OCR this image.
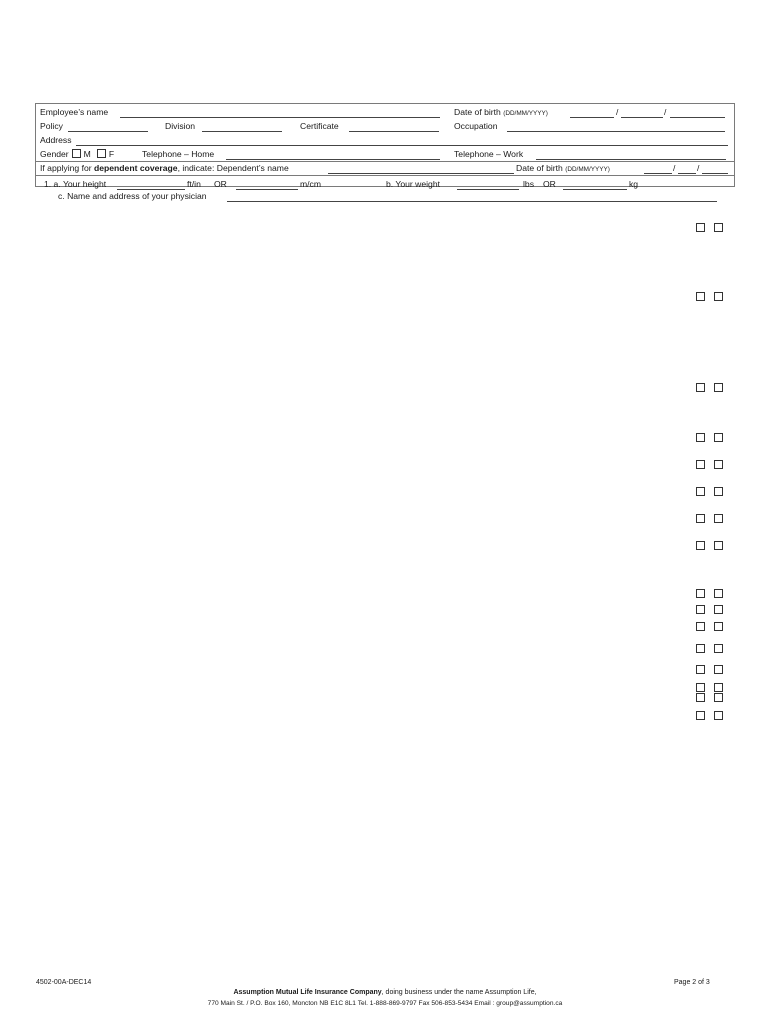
Employee’s name	Date of birth (DD/MM/YYYY)	/	/
Policy	Division	Certificate	Occupation
Address
Gender M F	Telephone – Home	Telephone – Work
If applying for dependent coverage, indicate: Dependent’s name	Date of birth (DD/MM/YYYY)	/	/
1. a. Your height	ft/in OR	m/cm	b. Your weight	lbs OR	kg
c. Name and address of your physician
4502-00A-DEC14	Page 2 of 3
Assumption Mutual Life Insurance Company, doing business under the name Assumption Life,
770 Main St. / P.O. Box 160, Moncton NB E1C 8L1 Tel. 1-888-869-9797 Fax 506-853-5434 Email : group@assumption.ca
